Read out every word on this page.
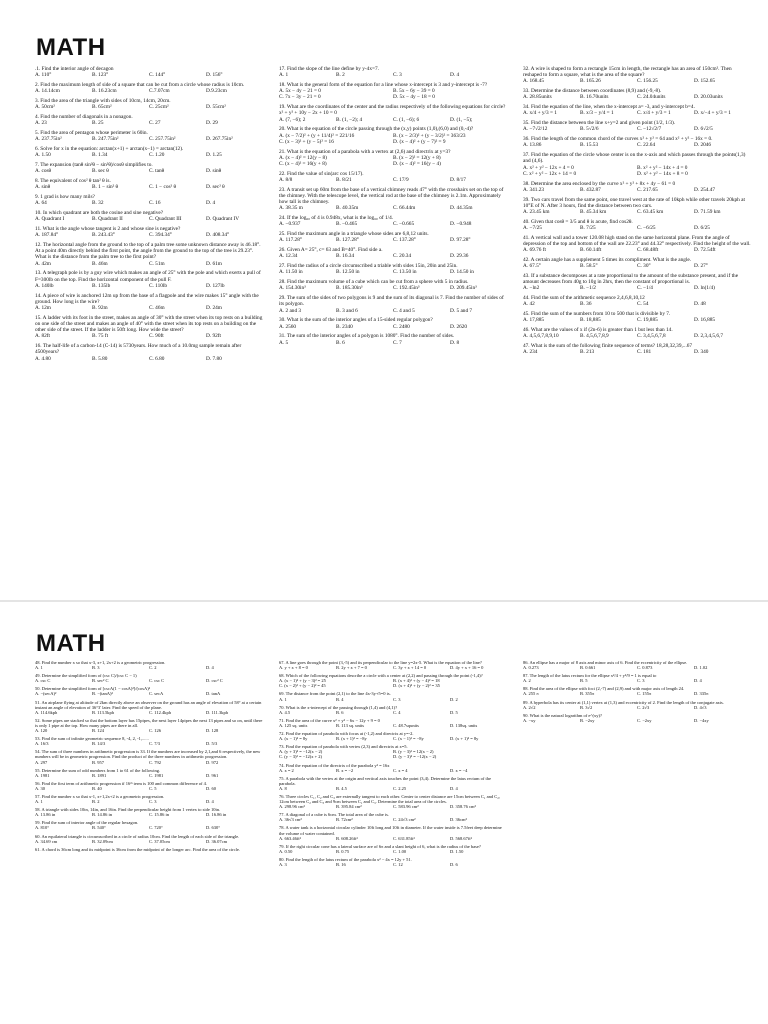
MATH
.1. Find the interior angle of decagon
A. 110°	B. 123°	C. 144°	D. 156°
2. Find the maximum length of side of a square that can be cut from a circle whose radius is 10cm.
A. 14.14cm	B. 16.23cm	C.7.07cm	D.9.23cm
3. Find the area of the triangle with sides of 10cm, 14cm, 20cm.
A. 50cm²	B. 65cm²	C. 25cm²	D. 55cm²
4. Find the number of diagonals in a nonagon.
A. 23	B. 25	C. 27	D. 29
5. Find the area of pentagon whose perimeter is 60in.
A. 237.75in²	B. 247.75in²	C. 257.75in²	D. 267.75in²
6. Solve for x in the equation: arctan(x+1) + arctan(x−1) = arctan(12).
A. 1.50	B. 1.34	C. 1.20	D. 1.25
7. The expansion (tanθ sin²θ − sin²θ)/cosθ simplifies to.
A. cosθ	B. sec θ	C. tanθ	D. sinθ
8. The equivalent of cos² θ tan² θ is.
A. sinθ	B. 1 − sin² θ	C. 1 − cos² θ	D. sec² θ
9. 1 grad is how many mils?
A. 64	B. 32	C. 16	D. 4
10. In which quadrant are both the cosine and sine negative?
A. Quadrant I	B. Quadrant II	C. Quadrant III	D. Quadrant IV
11. What is the angle whose tangent is 2 and whose sine is negative?
A. 187.84°	B. 243.43°	C. 394.34°	D. 408.34°
12. The horizontal angle from the ground to the top of a palm tree some unknown distance away is 46.18°. At a point 40m directly behind the first point, the angle from the ground to the top of the tree is 29.23°. What is the distance from the palm tree to the first point?
A. 42m	B. 46m	C. 51m	D. 61m
13. A telegraph pole is by a guy wire which makes an angle of 25° with the pole and which exerts a pull of F=300lb on the top. Find the horizontal component of the pull F.
A. 140lb	B. 135lb	C. 110lb	D. 127lb
14. A piece of wire is anchored 12m up from the base of a flagpole and the wire makes 15° angle with the ground. How long is the wire?
A. 12m	B. 92m	C. 46m	D. 24m
15. A ladder with its foot in the street, makes an angle of 30° with the street when its top rests on a building on one side of the street and makes an angle of 40° with the street when its top rests on a building on the other side of the street. If the ladder is 50ft long. How wide the street?
A. 82ft	B. 75 ft	C. 90ft	D. 92ft
16. The half-life of a carbon-14 (C-14) is 5730years. How much of a 10.0mg sample remain after 4500years?
A. 4.80	B. 5.80	C. 6.80	D. 7.80
17. Find the slope of the line define by y-4x=7.
A. 1	B. 2	C. 3	D. 4
18. What is the general form of the equation for a line whose x-intercept is 3 and y-intercept is -7?
A. 5x − 4y − 21 = 0	B. 5x − 6y − 39 = 0
C. 7x − 3y − 21 = 0	D. 5x − 4y − 18 = 0
19. What are the coordinates of the center and the radius respectively of the following equations for circle? x² + y² + 10y − 2x + 10 = 0
A. (7, −6); 2	B. (1, −2); 4	C. (1, −6); 6	D. (1, −5);
20. What is the equation of the circle passing through the (x,y) points (1,0),(6,0) and (0,-4)?
A. (x − 7/2)² + (y + 11/4)² = 221/16	B. (x − 2/3)² + (y − 3/2)² = 363/23
C. (x − 3)² + (y − 5)² = 16	D. (x − 4)² + (y − 7)² = 9
21. What is the equation of a parabola with a vertex at (2,6) and directrix at y=3?
A. (x − 4)² = 12(y − 8)	B. (x − 2)² = 12(y + 8)
C. (x − 4)² = 16(y + 8)	D. (x − 4)² = 16(y − 4)
22. Find the value of sin(arc cos 15/17).
A. 8/8	B. 8/21	C. 17/9	D. 8/17
23. A transit set up 60m from the base of a vertical chimney reads 47° with the crosshairs set on the top of the chimney. With the telescope level, the vertical rod at the base of the chimney is 2.1m. Approximately how tall is the chimney.
A. 38.35 m	B. 40.35m	C. 66.44m	D. 44.35m
24. If the log₆₀ of 4 is 0.948x, what is the log₆₀ of 1/4.
A. −0.937	B. −0.465	C. −0.665	D. −0.948
25. Find the maximum angle in a triangle whose sides are 6,8,12 units.
A. 117.28°	B. 127.28°	C. 137.28°	D. 97.28°
26. Given A= 25°, c= 63 and B=40°. Find side a.
A. 12.34	B. 16.34	C. 20.34	D. 29.36
27. Find the radius of a circle circumscribed a triable with sides 15in, 20in and 25in.
A. 11.50 in	B. 12.50 in	C. 13.50 in	D. 14.50 in
28. Find the maximum volume of a cube which can be cut from a sphere with 5 in radius.
A. 154.30in³	B. 185.30in³	C. 192.45in³	D. 209.45in³
29. The sum of the sides of two polygons is 9 and the sum of its diagonal is 7. Find the number of sides of its polygon.
A. 2 and 3	B. 3 and 6	C. 4 and 5	D. 5 and 7
30. What is the sum of the interior angles of a 15-sided regular polygon?
A. 2560	B. 2340	C. 2480	D. 2620
31. The sum of the interior angles of a polygon is 1080°. Find the number of sides.
A. 5	B. 6	C. 7	D. 8
32. A wire is shaped to form a rectangle 15cm in length, the rectangle has an area of 150cm². Then reshaped to form a square, what is the area of the square?
A. 168.45	B. 165.26	C. 156.25	D. 152.65
33. Determine the distance between coordinates (8,9) and (-9,-8).
A. 28.85units	B. 16.70units	C. 24.04units	D. 20.03units
34. Find the equation of the line, when the x-intercept a= -3, and y-intercept b=4.
A. x/4 + y/3 = 1	B. x/3 − y/4 = 1	C. x/4 + y/3 = 1	D. x/−4 + y/3 = 1
35. Find the distance between the line x+y=2 and given point (1/2, 1/3).
A. −7√2/12	B. 5√2/6	C. −12√2/7	D. 6√2/5
36. Find the length of the common chord of the curves x² + y² = 64 and x² + y² − 16x = 0.
A. 13.86	B. 15.53	C. 22.64	D. 2046
37. Find the equation of the circle whose center is on the x-axis and which passes through the points(1,3) and (4,6).
A. x² + y² − 12x + 4 = 0	B. x² + y² − 14x + 4 = 0
C. x² + y² − 12x + 14 = 0	D. x² + y² − 14x + 8 = 0
38. Determine the area enclosed by the curve x² + y² + 8x + 4y − 61 = 0
A. 341.23	B. 432.87	C. 217.65	D. 254.47
39. Two cars travel from the same point, one travel west at the rate of 10kph while other travels 20kph at 10°E of N. After 3 hours, find the distance between two cars.
A. 23.45 km	B. 45.34 km	C. 63.45 km	D. 71.59 km
40. Given that cosθ = 3/5 and θ is acute, find cos2θ.
A. −7/25	B. 7/25	C. −6/25	D. 6/25
41. A vertical wall and a tower 120.08 high stand on the same horizontal plane. From the angle of depression of the top and bottom of the wall are 22.23° and 44.32° respectively. Find the height of the wall.
A. 69.76 ft	B. 60.14ft	C. 68.48ft	D. 72.54ft
42. A certain angle has a supplement 5 times its compliment. What is the angle.
A. 67.5°	B. 58.5°	C. 30°	D. 27°
43. If a substance decomposes at a rate proportional to the amount of the substance present, and if the amount decreases from 40g to 10g in 2hrs, then the constant of proportional is.
A. −ln2	B. −1/2	C. −1/4	D. ln(1/4)
44. Find the sum of the arithmetic sequence 2,4,6,8,10,12
A. 42	B. 36	C. 54	D. 48
45. Find the sum of the numbers from 10 to 500 that is divisible by 7.
A. 17,885	B. 18,885	C. 19,885	D. 16,885
46. What are the values of x if (2n-6) is greater than 1 but less than 14.
A. 4,5,6,7,8,9,10	B. 4,5,6,7,8,9	C. 3,4,5,6,7,8	D. 2,3,4,5,6,7
47. What is the sum of the following finite sequence of terms? 18,28,32,39,...67
A. 234	B. 213	C. 181	D. 340
MATH
48. Find the number x so that x-3, x+1, 2x+2 is a geometric progression.
A. 1	B. 3	C. 2	D. 4
49. Determine the simplified form of (csc C)/(csc C − 1)
A. csc C	B. sec² C	C. csc C	D. csc² C
50. Determine the simplified form of [cscA(1 − cosA)²]/(cosA)²
A. −(secA)²	B. −(tanA)²	C. secA	D. tanA
51. An airplane flying at altitude of 2km directly above an observer on the ground has an angle of elevation of 58° at a certain instant an angle of elevation of 36°3' later. Find the speed of the plane.
A. 114.6kph	B. 113.5kph	C. 112.4kph	D. 111.3kph
52. Some pipes are stacked so that the bottom layer has 15pipes, the next layer 14pipes the next 13 pipes and so on, until there is only 1 pipe at the top. How many pipes are there in all.
A. 120	B. 124	C. 126	D. 128
53. Find the sum of infinite geometric sequence 8, -4, 2, -1,......
A. 16/3	B. 14/3	C. 7/3	D. 5/3
54. The sum of three numbers in arithmetic progression is 33. If the numbers are increased by 2,1,and 6 respectively, the new numbers will be in geometric progression. Find the product of the three numbers in arithmetic progression.
A. 297	B. 957	C. 792	D. 972
55. Determine the sum of odd numbers from 1 to 61 of the following.
A. 1981	B. 1891	C. 1981	D. 961
56. Find the first term of arithmetic progression if 16ᵗʰ term is 100 and common difference of 4.
A. 30	B. 40	C. 5	D. 60
57. Find the number x so that x-1, x+1,2x+2 is a geometric progression.
A. 1	B. 2	C. 3	D. 4
58. A triangle with sides 10in, 14in, and 16in. Find the perpendicular height from 1 vertex to side 10in.
A. 13.86 in	B. 14.86 in	C. 15.86 in	D. 16.86 in
59. Find the sum of interior angle of the regular hexagon.
A. 810°	B. 540°	C. 720°	D. 630°
60. An equilateral triangle is circumscribed in a circle of radius 10cm. Find the length of each side of the triangle.
A. 34.69 cm	B. 32.09cm	C. 37.05cm	D. 36.07cm
61. A chord is 36cm long and its midpoint is 36cm from the midpoint of the longer arc. Find the area of the circle.
67. A line goes through the point (3,-5) and its perpendicular to the line y=2x-5. What is the equation of the line?
A. y + x + 8 = 0	B. 2y + x + 7 = 0	C. 3y + x + 14 = 0	D. 4y + x + 16 = 0
68. Which of the following equations describe a circle with a center at (2,2) and passing through the point (-1,4)?
A. (x − 1)² + (y − 3)² = 25	B. (x + 4)² + (y − 4)² = 18
C. (x − 2)² + (y − 2)² = 45	D. (x + 4)² + (y − 2)² = 35
69. The distance from the point (2,1) to the line 4x-3y+5=0 is.
A. 1	B. 4	C. 3	D. 2
70. What is the x-intercept of the passing through (1,4) and (4,1)?
A. 4.5	B. 6	C. 4	D. 5
71. Find the area of the curve x² + y² − 6x − 12y + 9 = 0
A. 125 sq. units	B. 113 sq. units	C. 48.7squnits	D. 138sq. units
72. Find the equation of parabola with focus at (-1,2) and directrix at y=-2.
A. (x − 1)² = 8y	B. (x + 1)² = −8y	C. (x − 1)² = −8y	D. (x + 1)² = 8y
73. Find the equation of parabola with vertex (2,3) and directrix at x=5.
A. (y + 3)² = −12(x − 2)	B. (y − 3)² = 12(x − 2)
C. (y − 3)² = −12(x + 2)	D. (y − 3)² = −12(x − 2)
74. Find the equation of the directrix of the parabola y² = 16x
A. x = 2	B. x = −2	C. x = 4	D. x = −4
75. A parabola with the vertex at the origin and vertical axis touches the point (3,4). Determine the latus rectum of the parabola.
A. 8	B. 4.5	C. 2.25	D. 4
76. Three circles C₁, C₂ and C₃ are externally tangent to each other. Center to center distance are 15cm between C₁ and C₂, 12cm between C₂ and C₃ and 9cm between C₁ and C₃. Determine the total area of the circles.
A. 298.96 cm²	B. 395.84 cm²	C. 583.96 cm²	D. 358.76 cm²
77. A diagonal of a cube is 6cm. The total area of the cube is.
A. 36√3 cm²	B. 72cm²	C. 24√3 cm²	D. 36cm²
78. A water tank is a horizontal circular cylinder 10ft long and 10ft in diameter. If the water inside is 7.5feet deep determine the volume of water contained.
A. 663.46ft³	B. 608.26ft³	C. 631.85ft³	D. 568.67ft³
79. If the right circular cone has a lateral surface are of 6π and a slant height of 6, what is the radius of the base?
A. 0.50	B. 0.75	C. 1.00	D. 1.50
80. Find the length of the latus rectum of the parabola x² − 4x = 12y + 51.
A. 3	B. 16	C. 12	D. 6
86. An ellipse has a major of 8 axis and minor axis of 6. Find the eccentricity of the ellipse.
A. 0.273	B. 0.661	C. 0.873	D. 1.02
87. The length of the latus rectum for the ellipse x²/4 + y²/9 = 1 is equal to
A. 2	B. 5	C. 3	D. 4
88. Find the area of the ellipse with foci (2,-7) and (2,9) and with major axis of length 24.
A. 255 π	B. 355π	C. 155π	D. 335π
89. A hyperbola has its center at (1,1) vertex at (1,3) and eccentricity of 2. Find the length of the conjugate axis.
A. 2√2	B. 3√2	C. 2√3	D. 4√3
90. What is the natural logarithm of e^(xy)?
A. −xy	B. −2xy	C. −2xy	D. −4xy
